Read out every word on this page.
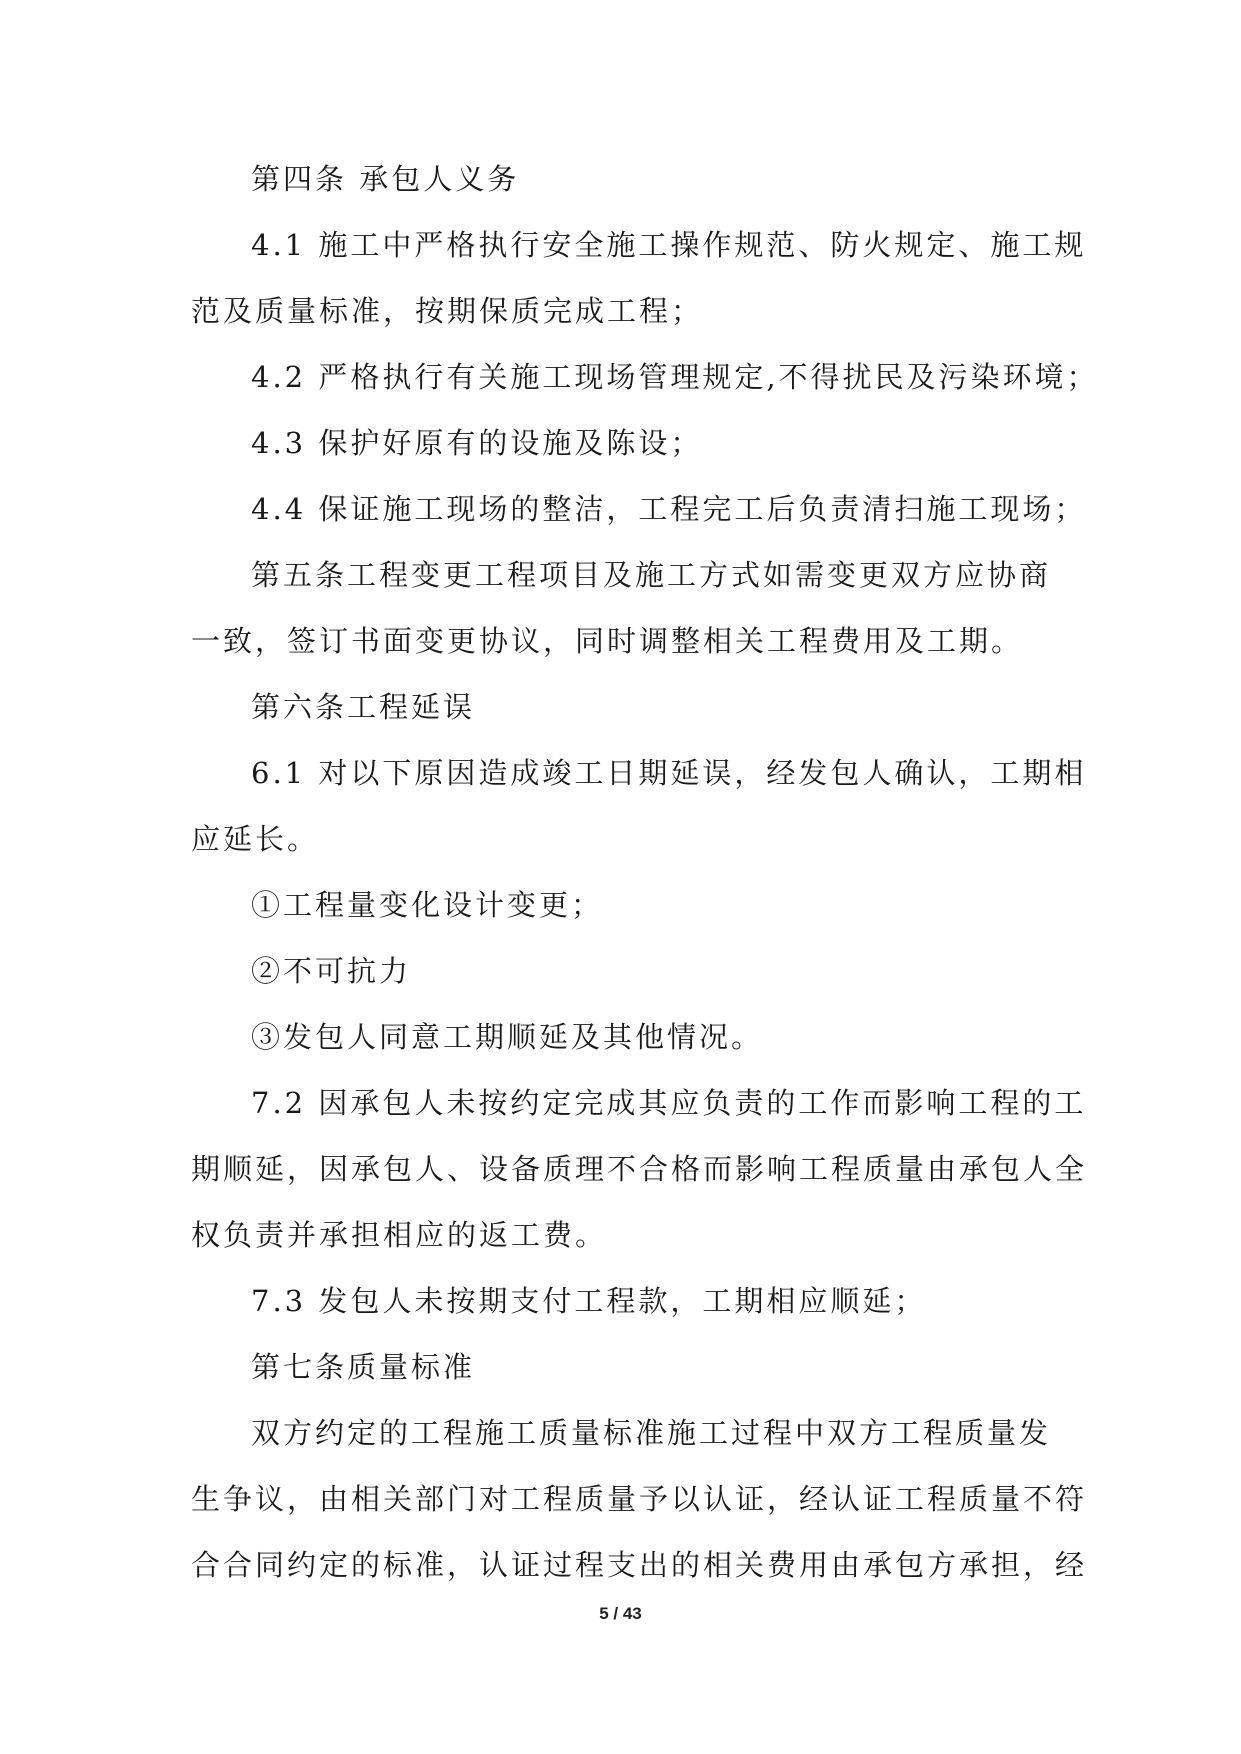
第四条 承包人义务
4.1 施工中严格执行安全施工操作规范、防火规定、施工规
范及质量标准，按期保质完成工程；
4.2 严格执行有关施工现场管理规定,不得扰民及污染环境；
4.3 保护好原有的设施及陈设；
4.4 保证施工现场的整洁，工程完工后负责清扫施工现场；
第五条工程变更工程项目及施工方式如需变更双方应协商
一致，签订书面变更协议，同时调整相关工程费用及工期。
第六条工程延误
6.1 对以下原因造成竣工日期延误，经发包人确认，工期相
应延长。
①工程量变化设计变更；
②不可抗力
③发包人同意工期顺延及其他情况。
7.2 因承包人未按约定完成其应负责的工作而影响工程的工
期顺延，因承包人、设备质理不合格而影响工程质量由承包人全
权负责并承担相应的返工费。
7.3 发包人未按期支付工程款，工期相应顺延；
第七条质量标准
双方约定的工程施工质量标准施工过程中双方工程质量发
生争议，由相关部门对工程质量予以认证，经认证工程质量不符
合合同约定的标准，认证过程支出的相关费用由承包方承担，经
5 / 43
